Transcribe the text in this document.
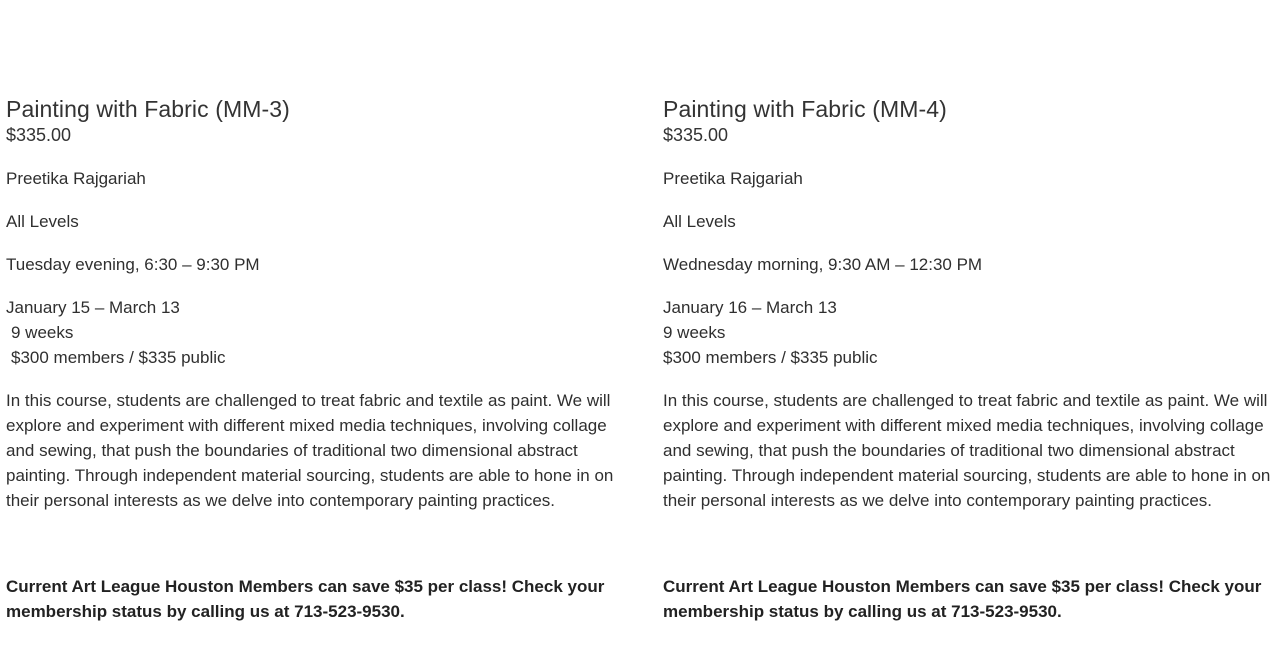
Painting with Fabric (MM-3)

$335.00

Preetika Rajgariah

All Levels

Tuesday evening, 6:30 – 9:30 PM

January 15 – March 13

9 weeks

$300 members / $335 public

In this course, students are challenged to treat fabric and textile as paint. We will explore and experiment with different mixed media techniques, involving collage and sewing, that push the boundaries of traditional two dimensional abstract painting. Through independent material sourcing, students are able to hone in on their personal interests as we delve into contemporary painting practices.

Current Art League Houston Members can save $35 per class! Check your membership status by calling us at 713-523-9530.

Painting with Fabric (MM-4)

$335.00

Preetika Rajgariah

All Levels

Wednesday morning, 9:30 AM – 12:30 PM

January 16 – March 13

9 weeks

$300 members / $335 public

In this course, students are challenged to treat fabric and textile as paint. We will explore and experiment with different mixed media techniques, involving collage and sewing, that push the boundaries of traditional two dimensional abstract painting. Through independent material sourcing, students are able to hone in on their personal interests as we delve into contemporary painting practices.

Current Art League Houston Members can save $35 per class! Check your membership status by calling us at 713-523-9530.
